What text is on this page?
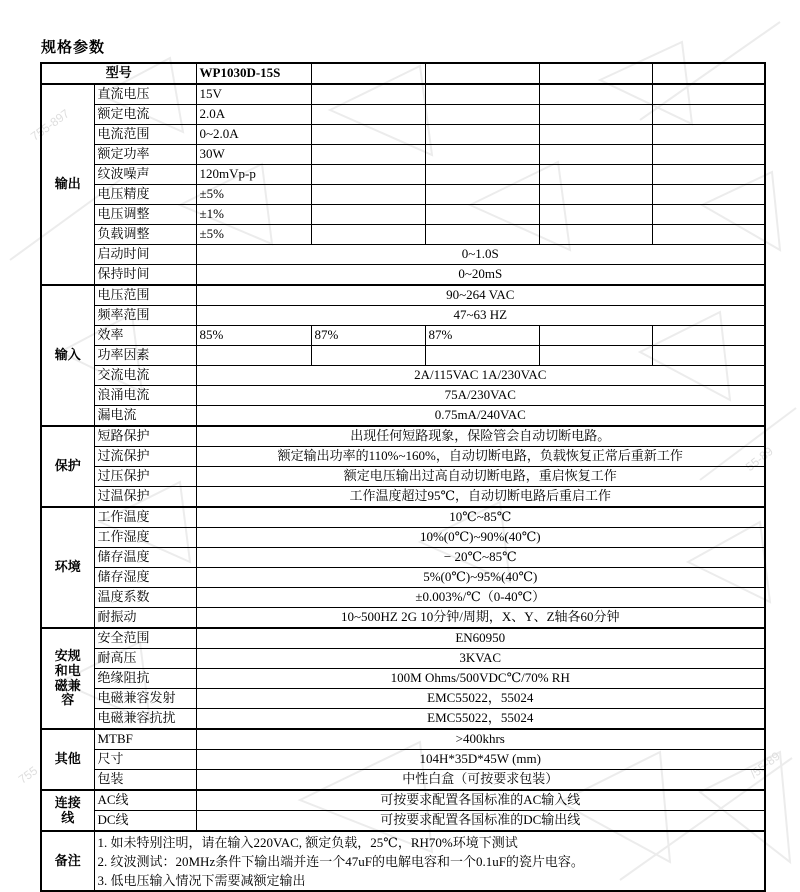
755-897
55-89
/55-89
755
规格参数
型号		WP1030D-15S				

输出	直流电压	15V				
	额定电流	2.0A				
	电流范围	0~2.0A				
	额定功率	30W				
	纹波噪声	120mVp-p				
	电压精度	±5%				
	电压调整	±1%				
	负载调整	±5%				
	启动时间	0~1.0S				
	保持时间	0~20mS				

输入	电压范围	90~264 VAC				
	频率范围	47~63 HZ				
	效率	85%	87%	87%		
	功率因素					
	交流电流	2A/115VAC 1A/230VAC				
	浪涌电流	75A/230VAC				
	漏电流	0.75mA/240VAC				

保护	短路保护	出现任何短路现象，保险管会自动切断电路。				
	过流保护	额定输出功率的110%~160%，自动切断电路，负载恢复正常后重新工作				
	过压保护	额定电压输出过高自动切断电路，重启恢复工作				
	过温保护	工作温度超过95℃，自动切断电路后重启工作				

环境	工作温度	10℃~85℃				
	工作湿度	10%(0℃)~90%(40℃)				
	储存温度	− 20℃~85℃				
	储存湿度	5%(0℃)~95%(40℃)				
	温度系数	±0.003%/℃（0-40℃）				
	耐振动	10~500HZ 2G 10分钟/周期，X、Y、Z轴各60分钟				

安规
和电
磁兼
容	安全范围	EN60950				
	耐高压	3KVAC				
	绝缘阻抗	100M Ohms/500VDC℃/70% RH				
	电磁兼容发射	EMC55022，55024				
	电磁兼容抗扰	EMC55022，55024				

其他	MTBF	>400khrs				
	尺寸	104H*35D*45W (mm)				
	包装	中性白盒（可按要求包装）				

连接
线	AC线	可按要求配置各国标准的AC输入线				
	DC线	可按要求配置各国标准的DC输出线				

备注	1. 如未特别注明，请在输入220VAC, 额定负载，25℃，RH70%环境下测试
2. 纹波测试：20MHz条件下输出端并连一个47uF的电解电容和一个0.1uF的瓷片电容。
3. 低电压输入情况下需要减额定输出					
